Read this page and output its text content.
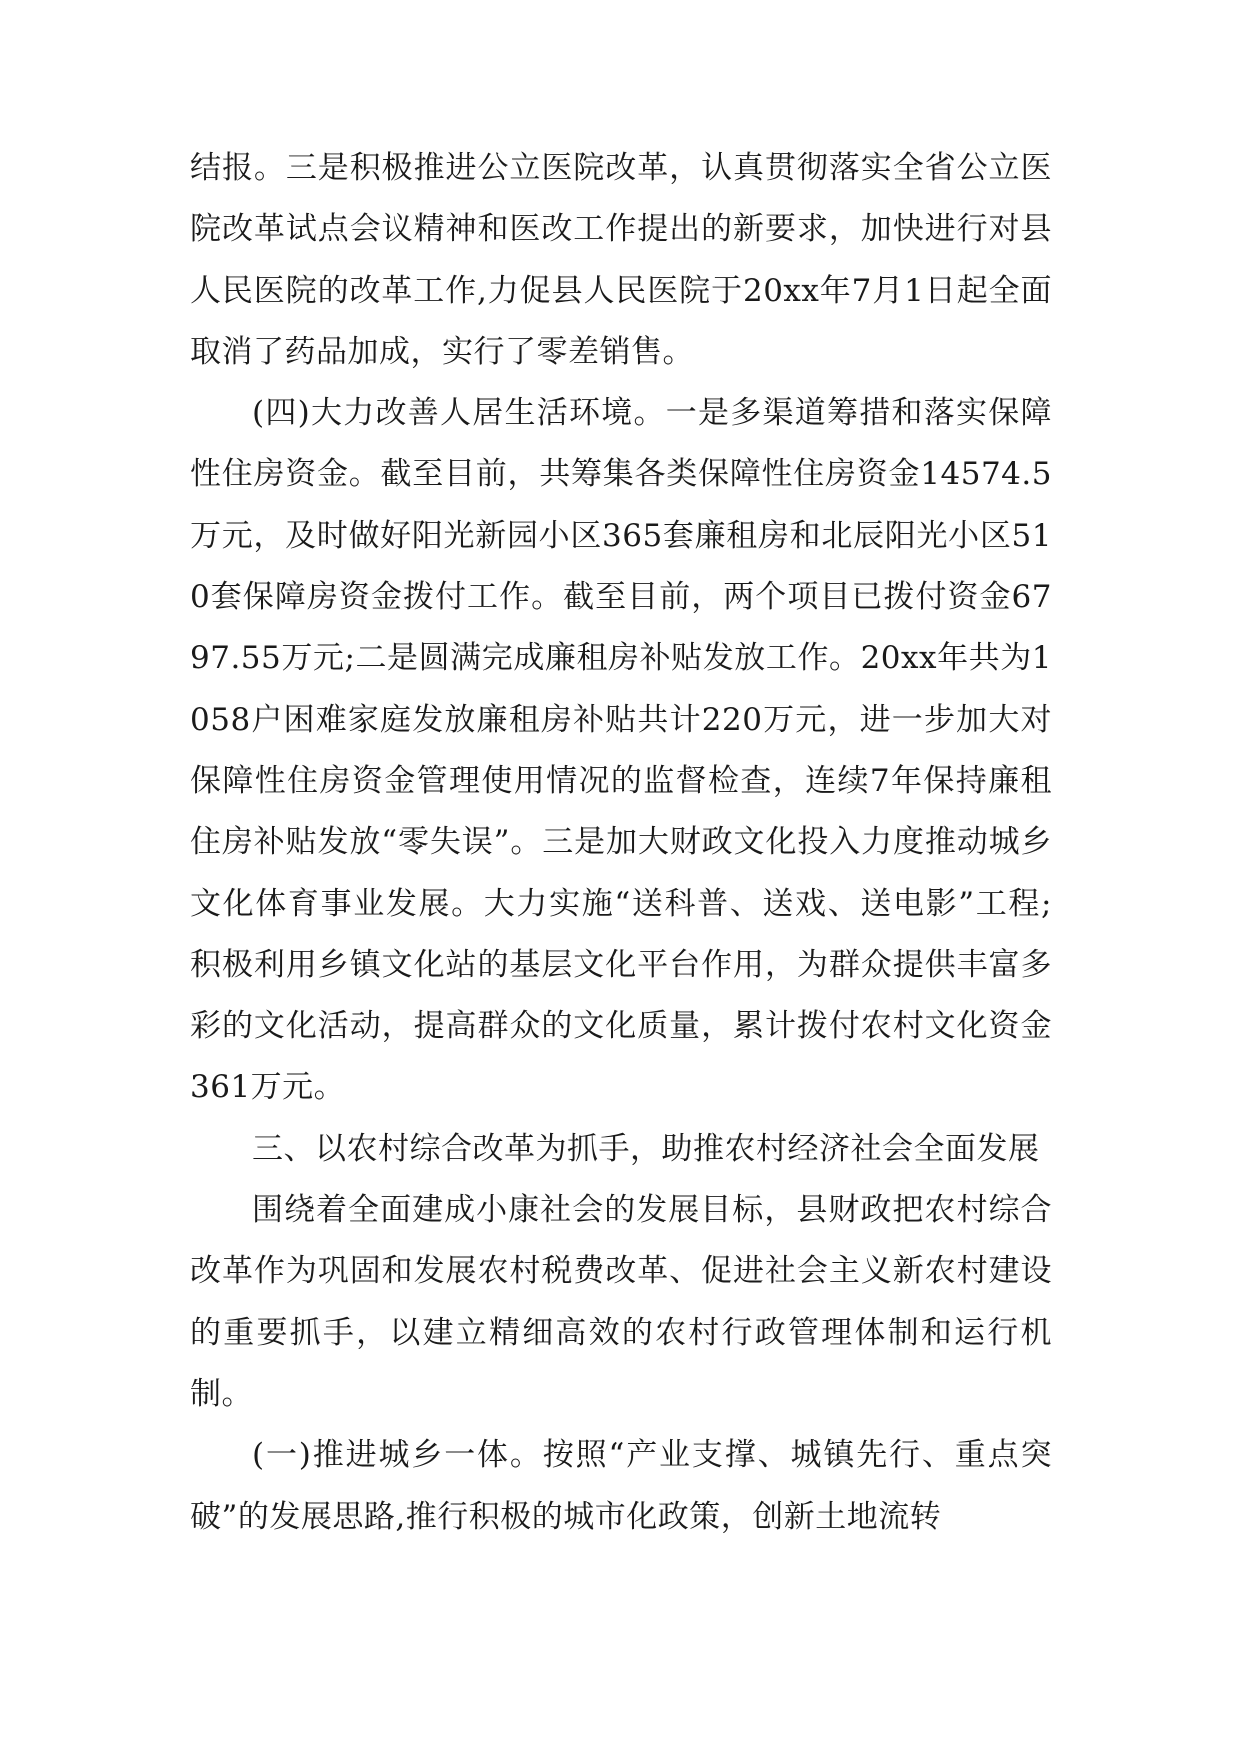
结报。三是积极推进公立医院改革，认真贯彻落实全省公立医院改革试点会议精神和医改工作提出的新要求，加快进行对县人民医院的改革工作,力促县人民医院于20xx年7月1日起全面取消了药品加成，实行了零差销售。

(四)大力改善人居生活环境。一是多渠道筹措和落实保障性住房资金。截至目前，共筹集各类保障性住房资金14574.5万元，及时做好阳光新园小区365套廉租房和北辰阳光小区510套保障房资金拨付工作。截至目前，两个项目已拨付资金6797.55万元;二是圆满完成廉租房补贴发放工作。20xx年共为1058户困难家庭发放廉租房补贴共计220万元，进一步加大对保障性住房资金管理使用情况的监督检查，连续7年保持廉租住房补贴发放“零失误”。三是加大财政文化投入力度推动城乡文化体育事业发展。大力实施“送科普、送戏、送电影”工程;积极利用乡镇文化站的基层文化平台作用，为群众提供丰富多彩的文化活动，提高群众的文化质量，累计拨付农村文化资金361万元。

三、以农村综合改革为抓手，助推农村经济社会全面发展

围绕着全面建成小康社会的发展目标，县财政把农村综合改革作为巩固和发展农村税费改革、促进社会主义新农村建设的重要抓手，以建立精细高效的农村行政管理体制和运行机制。

(一)推进城乡一体。按照“产业支撑、城镇先行、重点突破”的发展思路,推行积极的城市化政策，创新土地流转
